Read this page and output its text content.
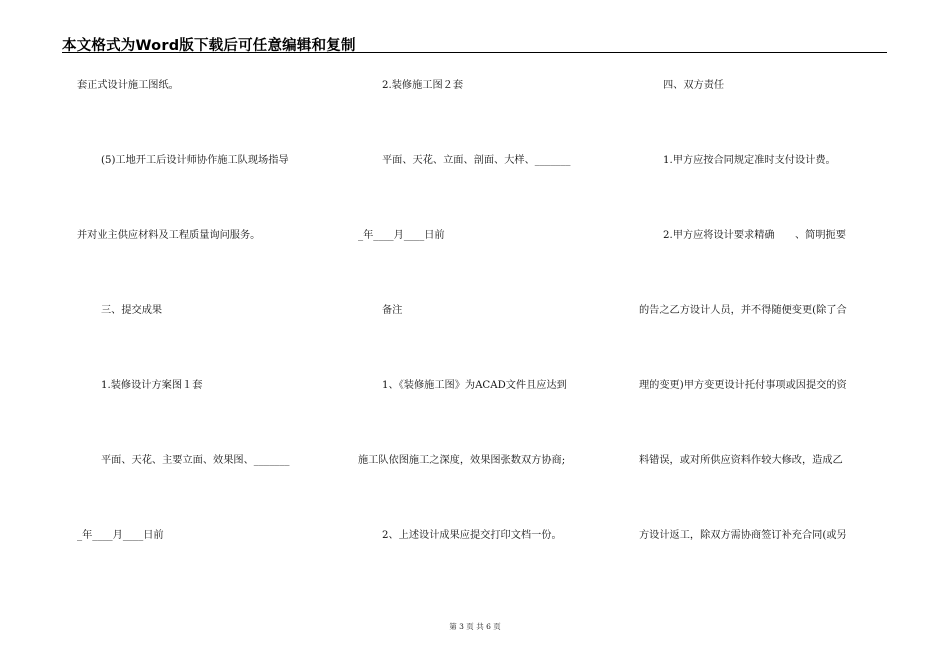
本文格式为Word版下载后可任意编辑和复制
套正式设计施工图纸。
(5)工地开工后设计师协作施工队现场指导
并对业主供应材料及工程质量询问服务。
三、提交成果
1.装修设计方案图１套
平面、天花、主要立面、效果图、_______
_年____月____日前
2.装修施工图２套
平面、天花、立面、剖面、大样、_______
_年____月____日前
备注
1、《装修施工图》为ACAD文件且应达到
施工队依图施工之深度，效果图张数双方协商;
2、上述设计成果应提交打印文档一份。
四、双方责任
1.甲方应按合同规定准时支付设计费。
2.甲方应将设计要求精确　　、简明扼要
的告之乙方设计人员，并不得随便变更(除了合
理的变更)甲方变更设计托付事项或因提交的资
料错误，或对所供应资料作较大修改，造成乙
方设计返工，除双方需协商签订补充合同(或另
第 3 页 共 6 页
